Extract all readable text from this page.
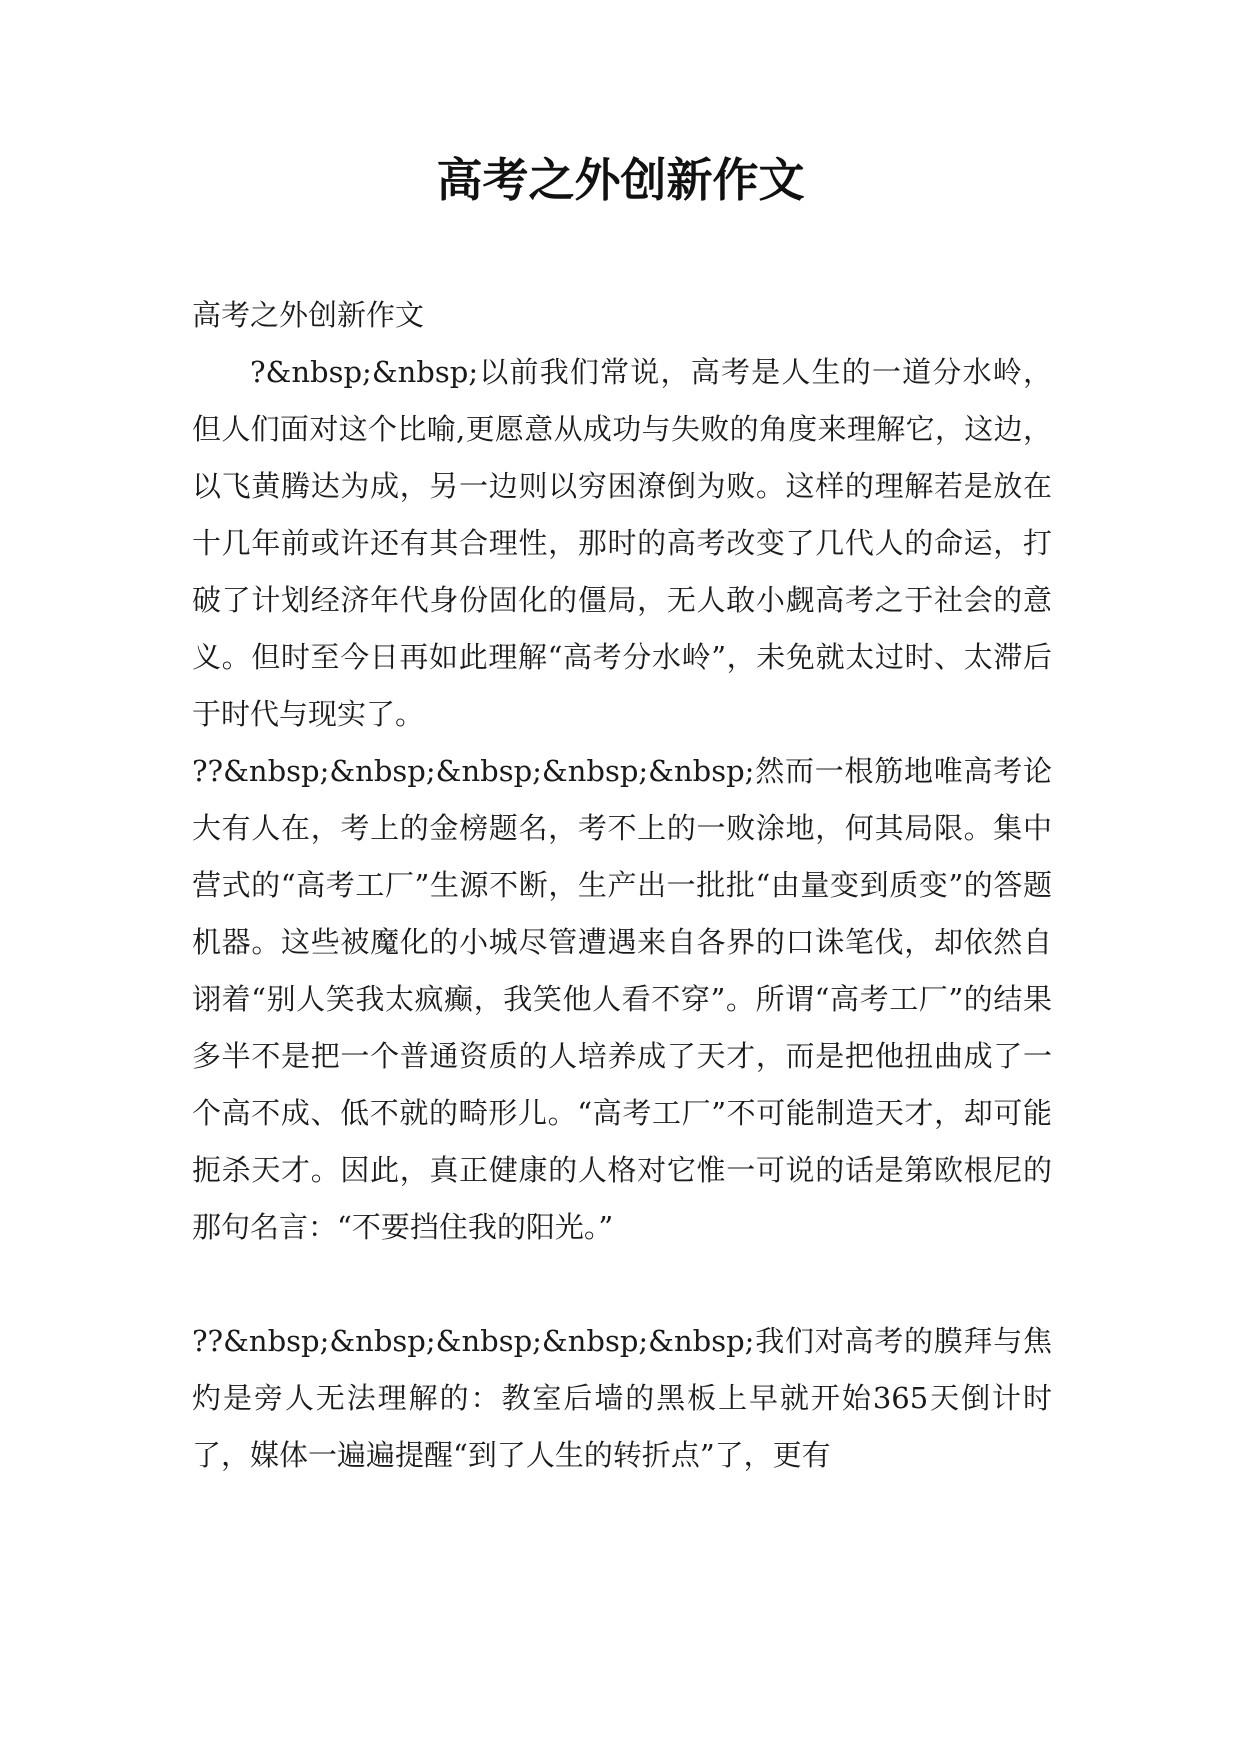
高考之外创新作文

高考之外创新作文

?&nbsp;&nbsp;以前我们常说，高考是人生的一道分水岭，但人们面对这个比喻,更愿意从成功与失败的角度来理解它，这边，以飞黄腾达为成，另一边则以穷困潦倒为败。这样的理解若是放在十几年前或许还有其合理性，那时的高考改变了几代人的命运，打破了计划经济年代身份固化的僵局，无人敢小觑高考之于社会的意义。但时至今日再如此理解“高考分水岭”，未免就太过时、太滞后于时代与现实了。

??&nbsp;&nbsp;&nbsp;&nbsp;&nbsp;然而一根筋地唯高考论大有人在，考上的金榜题名，考不上的一败涂地，何其局限。集中营式的“高考工厂”生源不断，生产出一批批“由量变到质变”的答题机器。这些被魔化的小城尽管遭遇来自各界的口诛笔伐，却依然自诩着“别人笑我太疯癫，我笑他人看不穿”。所谓“高考工厂”的结果多半不是把一个普通资质的人培养成了天才，而是把他扭曲成了一个高不成、低不就的畸形儿。“高考工厂”不可能制造天才，却可能扼杀天才。因此，真正健康的人格对它惟一可说的话是第欧根尼的那句名言：“不要挡住我的阳光。”

??&nbsp;&nbsp;&nbsp;&nbsp;&nbsp;我们对高考的膜拜与焦灼是旁人无法理解的：教室后墙的黑板上早就开始365天倒计时了，媒体一遍遍提醒“到了人生的转折点”了，更有
